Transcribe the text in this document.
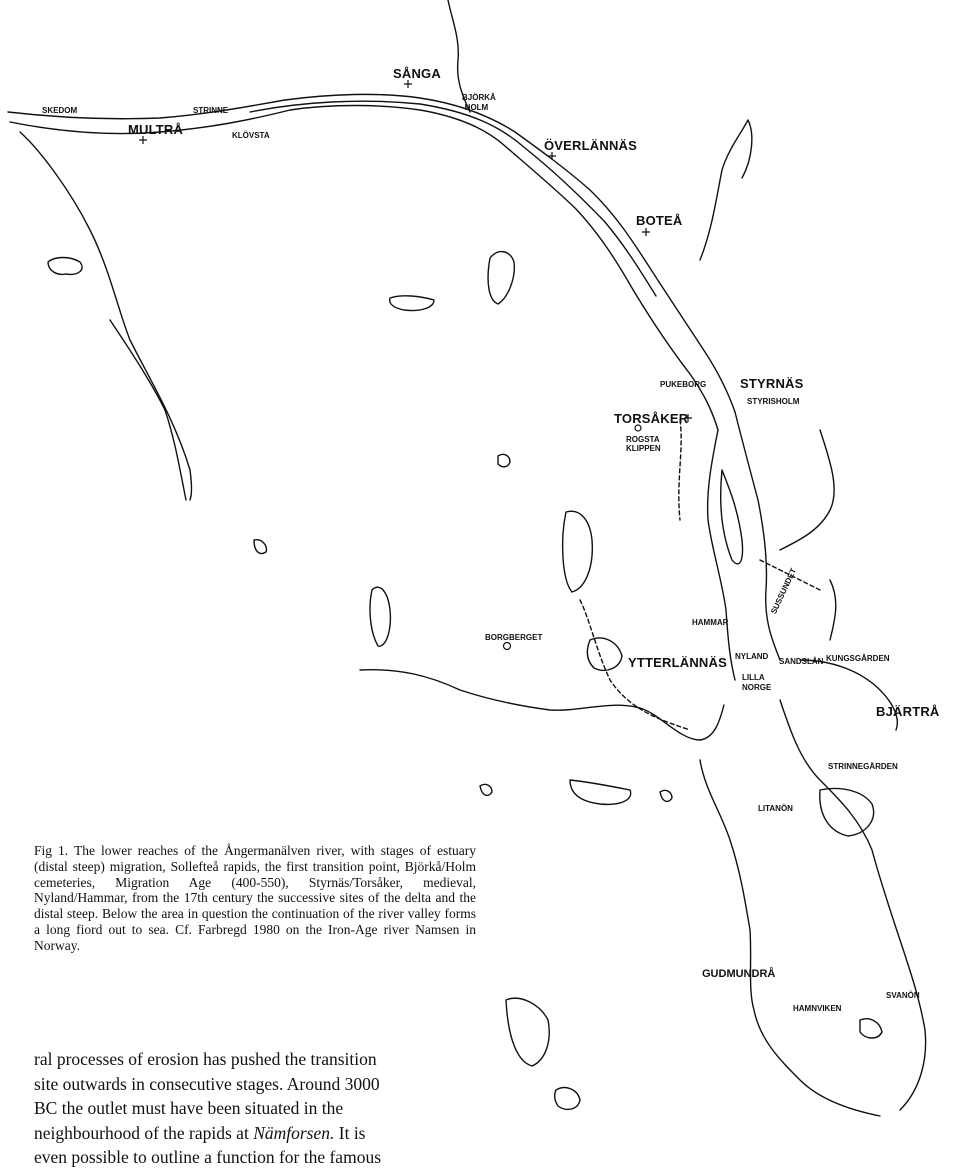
SÅNGA
BJÖRKÅ
-HOLM
SKEDOM	STRINNE
MULTRÅ	KLÖVSTA
ÖVERLÄNNÄS
BOTEÅ
STYRNÄS
PUKEBORG
STYRISHOLM
TORSÅKER
ROGSTA
KLIPPEN
HAMMAR
BORGBERGET
YTTERLÄNNÄS NYLAND
LILLA
NORGE
SANDSLÅN KUNGSGÅRDEN
SUSSUNDET
BJÄRTRÅ
STRINNEGÄRDEN
LITANÖN
GUDMUNDRÅ
HAMNVIKEN
SVANÖN

Fig 1. The lower reaches of the Ångermanälven river, with stages of estuary (distal steep) migration, Sollefteå rapids, the first transition point, Björkå/Holm cemeteries, Migration Age (400-550), Styrnäs/Torsåker, medieval, Nyland/Hammar, from the 17th century the successive sites of the delta and the distal steep. Below the area in question the continuation of the river valley forms a long fiord out to sea. Cf. Farbregd 1980 on the Iron-Age river Namsen in Norway.

ral processes of erosion has pushed the transition
site outwards in consecutive stages. Around 3000
BC the outlet must have been situated in the
neighbourhood of the rapids at Nämforsen. It is
even possible to outline a function for the famous
